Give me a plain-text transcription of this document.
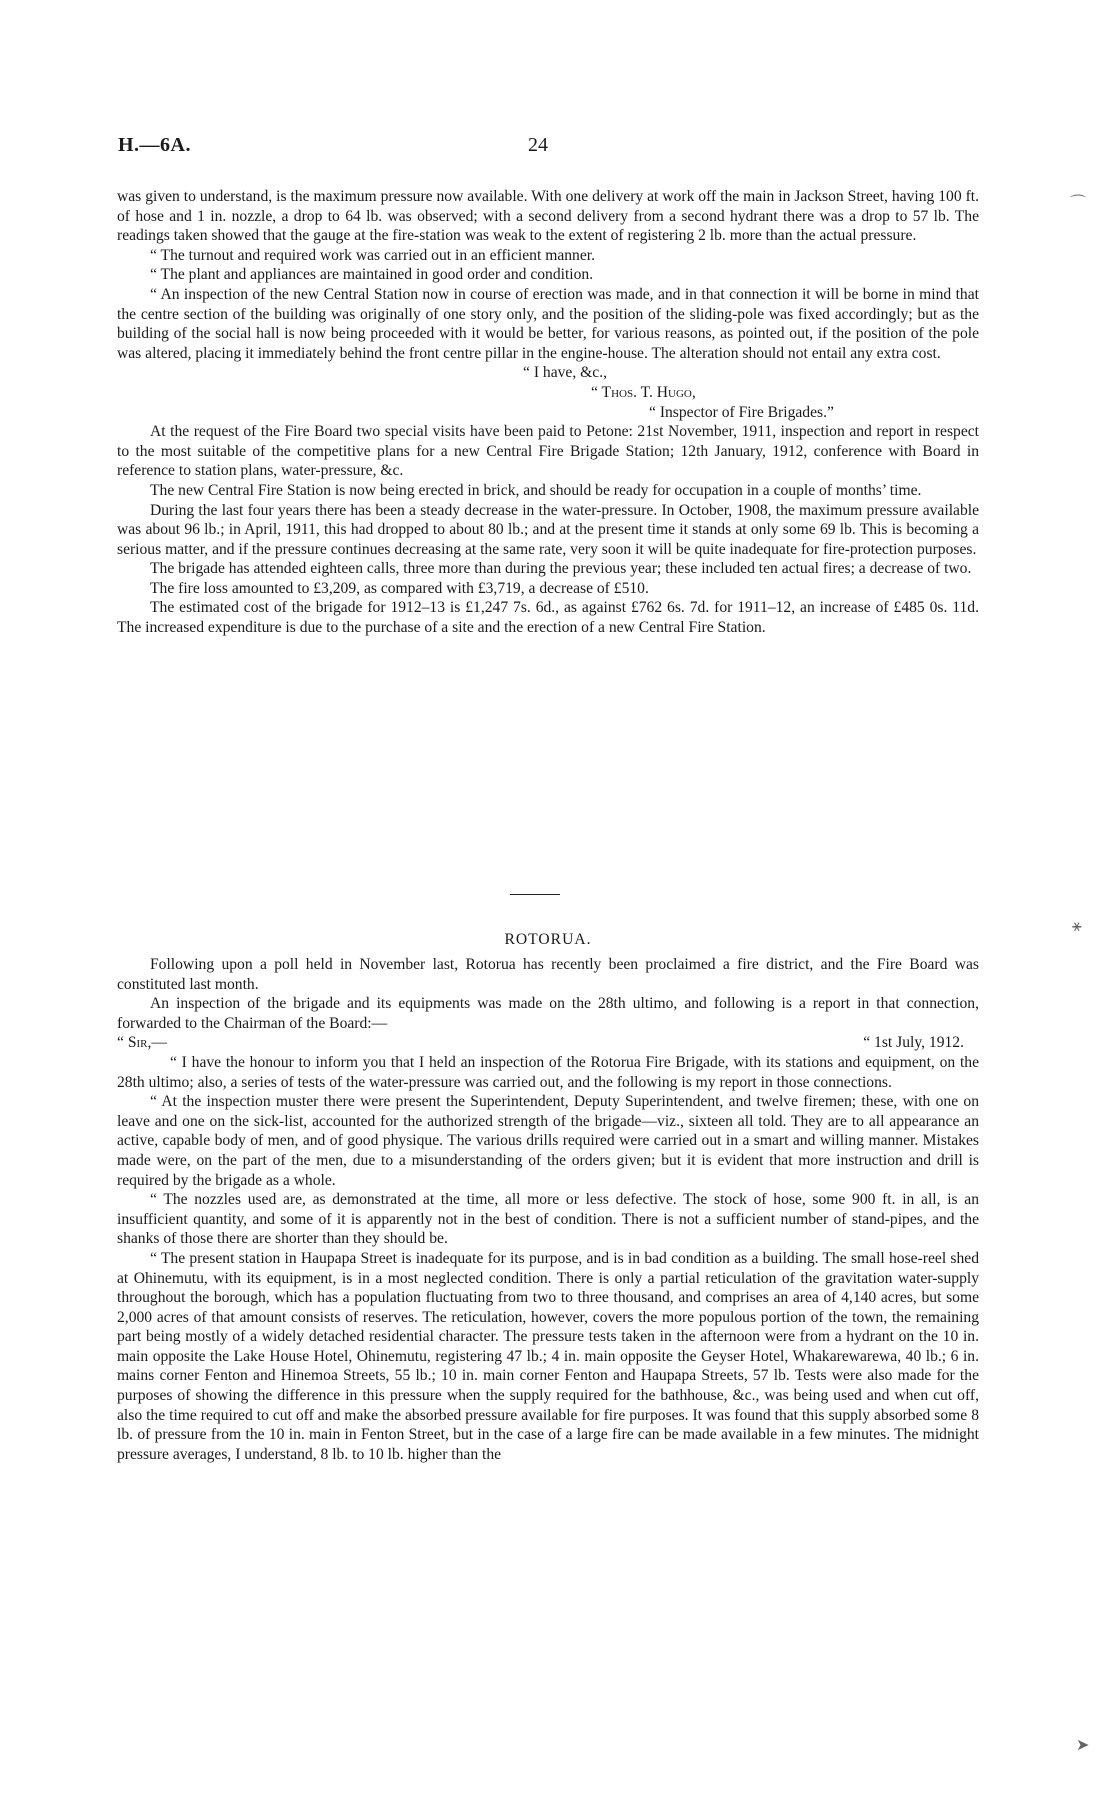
H.—6A.	24

was given to understand, is the maximum pressure now available. With one delivery at work off the main in Jackson Street, having 100 ft. of hose and 1 in. nozzle, a drop to 64 lb. was observed; with a second delivery from a second hydrant there was a drop to 57 lb. The readings taken showed that the gauge at the fire-station was weak to the extent of registering 2 lb. more than the actual pressure.

“ The turnout and required work was carried out in an efficient manner.

“ The plant and appliances are maintained in good order and condition.

“ An inspection of the new Central Station now in course of erection was made, and in that connection it will be borne in mind that the centre section of the building was originally of one story only, and the position of the sliding-pole was fixed accordingly; but as the building of the social hall is now being proceeded with it would be better, for various reasons, as pointed out, if the position of the pole was altered, placing it immediately behind the front centre pillar in the engine-house. The alteration should not entail any extra cost.

“ I have, &c.,

“ Thos. T. Hugo,

“ Inspector of Fire Brigades.”

At the request of the Fire Board two special visits have been paid to Petone: 21st November, 1911, inspection and report in respect to the most suitable of the competitive plans for a new Central Fire Brigade Station; 12th January, 1912, conference with Board in reference to station plans, water-pressure, &c.

The new Central Fire Station is now being erected in brick, and should be ready for occupation in a couple of months’ time.

During the last four years there has been a steady decrease in the water-pressure. In October, 1908, the maximum pressure available was about 96 lb.; in April, 1911, this had dropped to about 80 lb.; and at the present time it stands at only some 69 lb. This is becoming a serious matter, and if the pressure continues decreasing at the same rate, very soon it will be quite inadequate for fire-protection purposes.

The brigade has attended eighteen calls, three more than during the previous year; these included ten actual fires; a decrease of two.

The fire loss amounted to £3,209, as compared with £3,719, a decrease of £510.

The estimated cost of the brigade for 1912–13 is £1,247 7s. 6d., as against £762 6s. 7d. for 1911–12, an increase of £485 0s. 11d. The increased expenditure is due to the purchase of a site and the erection of a new Central Fire Station.

ROTORUA.

Following upon a poll held in November last, Rotorua has recently been proclaimed a fire district, and the Fire Board was constituted last month.

An inspection of the brigade and its equipments was made on the 28th ultimo, and following is a report in that connection, forwarded to the Chairman of the Board:—

“ Sir,—	“ 1st July, 1912.

“ I have the honour to inform you that I held an inspection of the Rotorua Fire Brigade, with its stations and equipment, on the 28th ultimo; also, a series of tests of the water-pressure was carried out, and the following is my report in those connections.

“ At the inspection muster there were present the Superintendent, Deputy Superintendent, and twelve firemen; these, with one on leave and one on the sick-list, accounted for the authorized strength of the brigade—viz., sixteen all told. They are to all appearance an active, capable body of men, and of good physique. The various drills required were carried out in a smart and willing manner. Mistakes made were, on the part of the men, due to a misunderstanding of the orders given; but it is evident that more instruction and drill is required by the brigade as a whole.

“ The nozzles used are, as demonstrated at the time, all more or less defective. The stock of hose, some 900 ft. in all, is an insufficient quantity, and some of it is apparently not in the best of condition. There is not a sufficient number of stand-pipes, and the shanks of those there are shorter than they should be.

“ The present station in Haupapa Street is inadequate for its purpose, and is in bad condition as a building. The small hose-reel shed at Ohinemutu, with its equipment, is in a most neglected condition. There is only a partial reticulation of the gravitation water-supply throughout the borough, which has a population fluctuating from two to three thousand, and comprises an area of 4,140 acres, but some 2,000 acres of that amount consists of reserves. The reticulation, however, covers the more populous portion of the town, the remaining part being mostly of a widely detached residential character. The pressure tests taken in the afternoon were from a hydrant on the 10 in. main opposite the Lake House Hotel, Ohinemutu, registering 47 lb.; 4 in. main opposite the Geyser Hotel, Whakarewarewa, 40 lb.; 6 in. mains corner Fenton and Hinemoa Streets, 55 lb.; 10 in. main corner Fenton and Haupapa Streets, 57 lb. Tests were also made for the purposes of showing the difference in this pressure when the supply required for the bathhouse, &c., was being used and when cut off, also the time required to cut off and make the absorbed pressure available for fire purposes. It was found that this supply absorbed some 8 lb. of pressure from the 10 in. main in Fenton Street, but in the case of a large fire can be made available in a few minutes. The midnight pressure averages, I understand, 8 lb. to 10 lb. higher than the

⌒
⚹
➤
